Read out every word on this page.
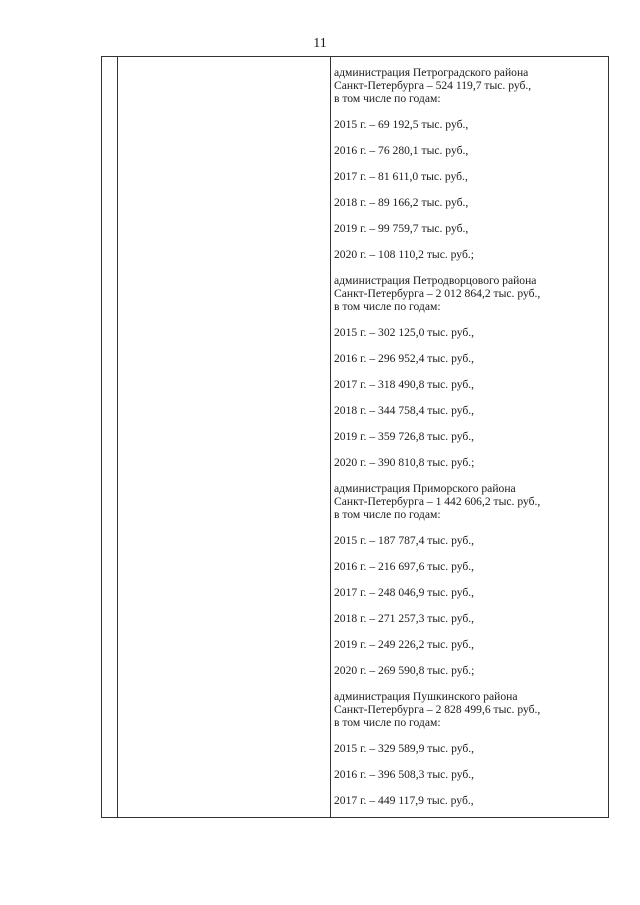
11

администрация Петроградского района

Санкт-Петербурга – 524 119,7 тыс. руб.,

в том числе по годам:

2015 г. – 69 192,5 тыс. руб.,

2016 г. – 76 280,1 тыс. руб.,

2017 г. – 81 611,0 тыс. руб.,

2018 г. – 89 166,2 тыс. руб.,

2019 г. – 99 759,7 тыс. руб.,

2020 г. – 108 110,2 тыс. руб.;

администрация Петродворцового района

Санкт-Петербурга – 2 012 864,2 тыс. руб.,

в том числе по годам:

2015 г. – 302 125,0 тыс. руб.,

2016 г. – 296 952,4 тыс. руб.,

2017 г. – 318 490,8 тыс. руб.,

2018 г. – 344 758,4 тыс. руб.,

2019 г. – 359 726,8 тыс. руб.,

2020 г. – 390 810,8 тыс. руб.;

администрация Приморского района

Санкт-Петербурга – 1 442 606,2 тыс. руб.,

в том числе по годам:

2015 г. – 187 787,4 тыс. руб.,

2016 г. – 216 697,6 тыс. руб.,

2017 г. – 248 046,9 тыс. руб.,

2018 г. – 271 257,3 тыс. руб.,

2019 г. – 249 226,2 тыс. руб.,

2020 г. – 269 590,8 тыс. руб.;

администрация Пушкинского района

Санкт-Петербурга – 2 828 499,6 тыс. руб.,

в том числе по годам:

2015 г. – 329 589,9 тыс. руб.,

2016 г. – 396 508,3 тыс. руб.,

2017 г. – 449 117,9 тыс. руб.,
